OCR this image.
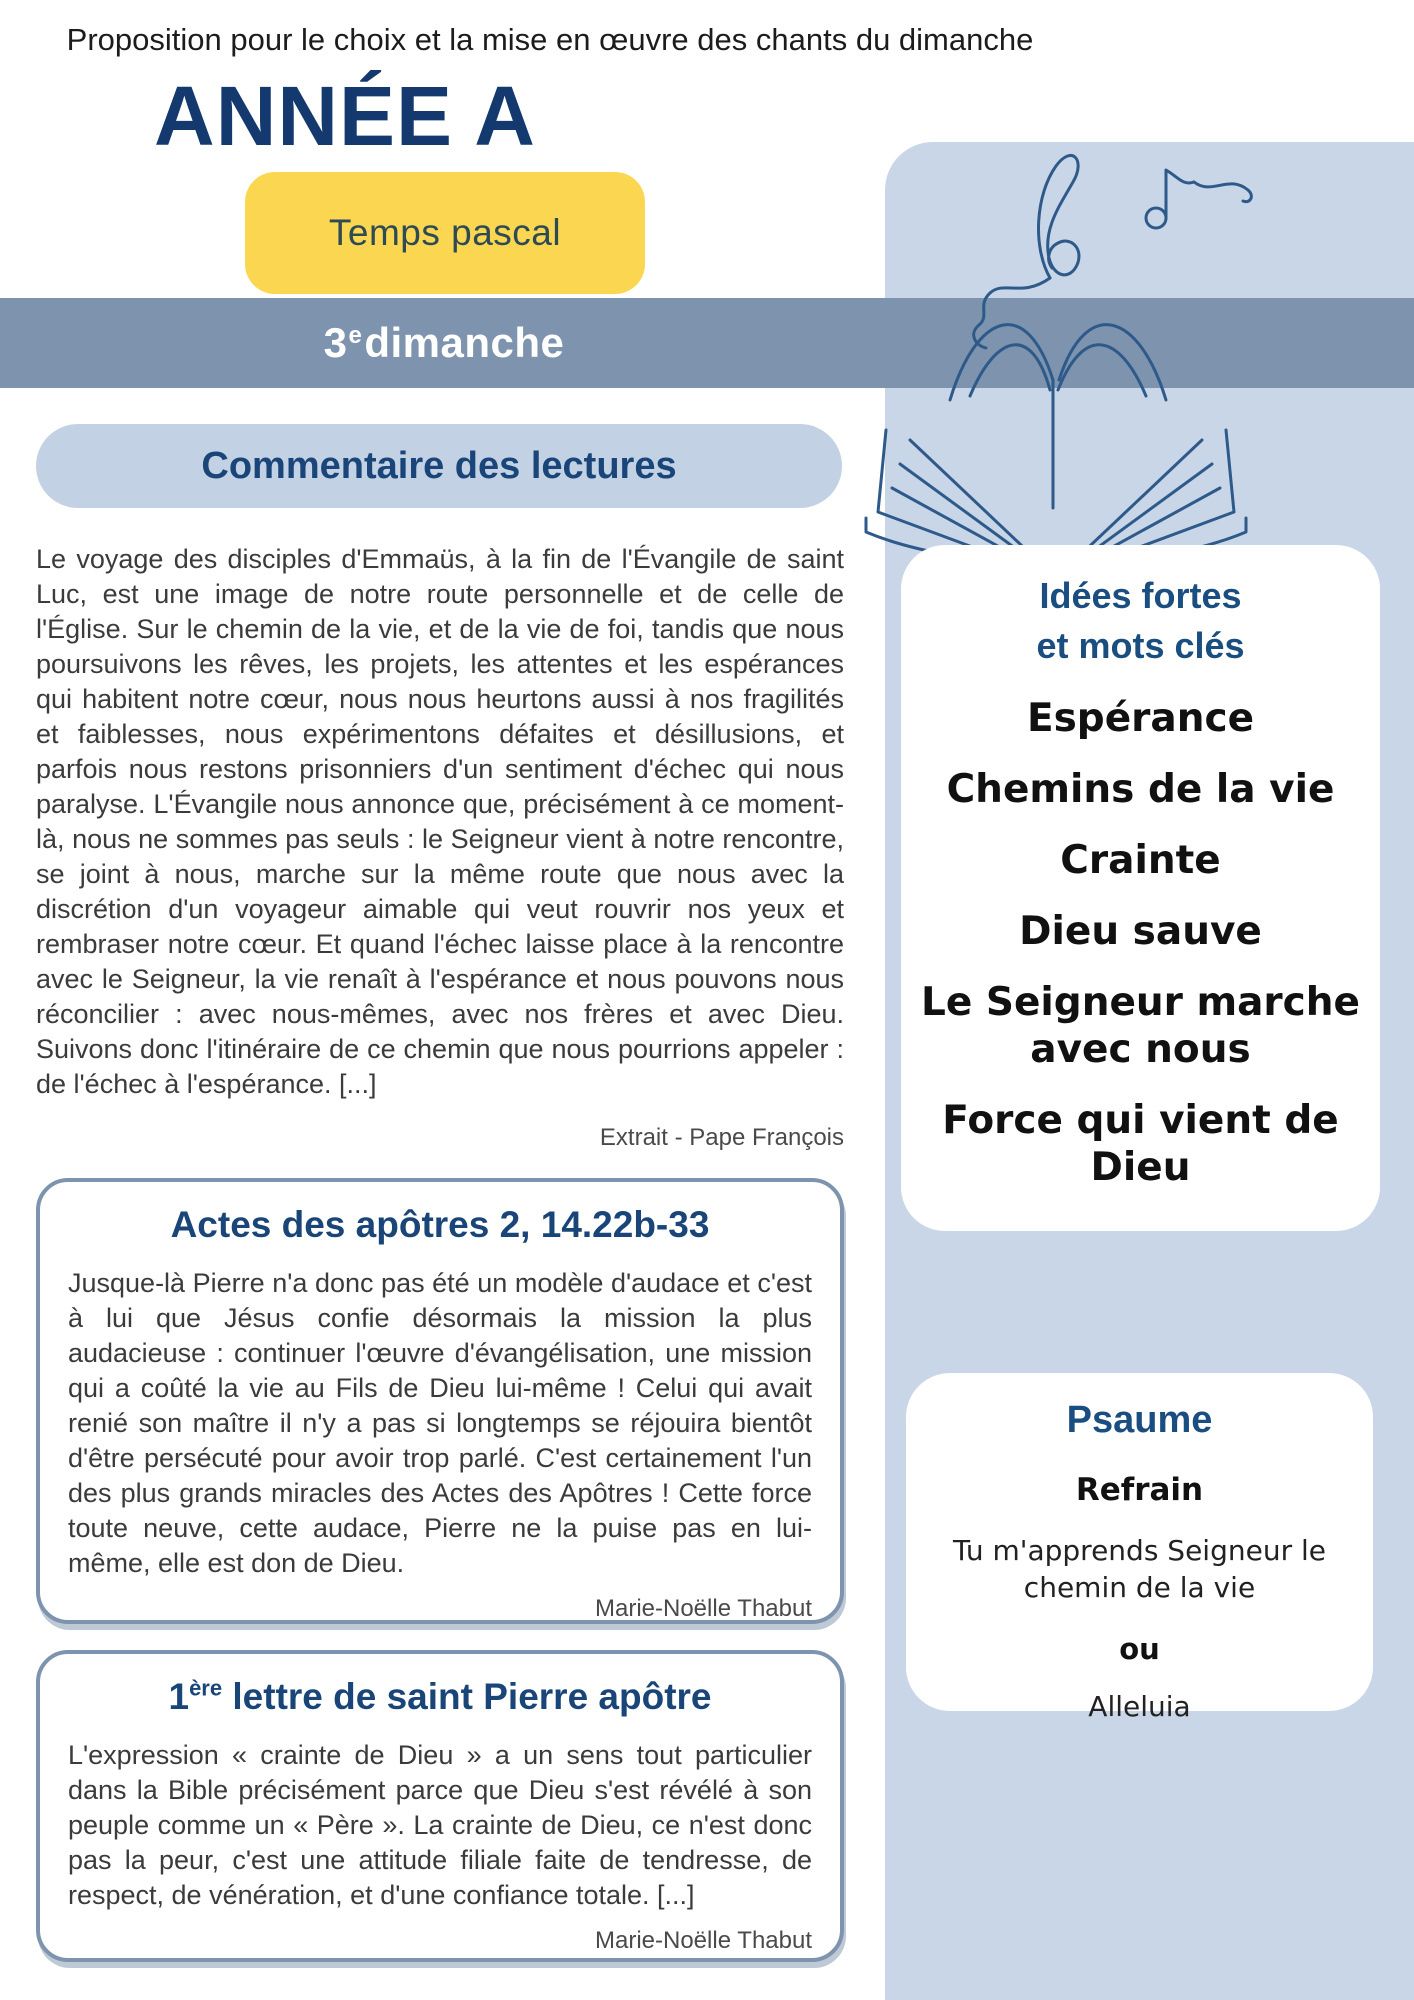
3 e dimanche
Proposition pour le choix et la mise en œuvre des chants du dimanche
ANNÉE A
Temps pascal
Commentaire des lectures
Le voyage des disciples d'Emmaüs, à la fin de l'Évangile de saint Luc, est une image de notre route personnelle et de celle de l'Église. Sur le chemin de la vie, et de la vie de foi, tandis que nous poursuivons les rêves, les projets, les attentes et les espérances qui habitent notre cœur, nous nous heurtons aussi à nos fragilités et faiblesses, nous expérimentons défaites et désillusions, et parfois nous restons prisonniers d'un sentiment d'échec qui nous paralyse. L'Évangile nous annonce que, précisément à ce moment-là, nous ne sommes pas seuls : le Seigneur vient à notre rencontre, se joint à nous, marche sur la même route que nous avec la discrétion d'un voyageur aimable qui veut rouvrir nos yeux et rembraser notre cœur. Et quand l'échec laisse place à la rencontre avec le Seigneur, la vie renaît à l'espérance et nous pouvons nous réconcilier : avec nous-mêmes, avec nos frères et avec Dieu. Suivons donc l'itinéraire de ce chemin que nous pourrions appeler : de l'échec à l'espérance. [...]
Extrait - Pape François
Actes des apôtres 2, 14.22b-33
Jusque-là Pierre n'a donc pas été un modèle d'audace et c'est à lui que Jésus confie désormais la mission la plus audacieuse : continuer l'œuvre d'évangélisation, une mission qui a coûté la vie au Fils de Dieu lui-même ! Celui qui avait renié son maître il n'y a pas si longtemps se réjouira bientôt d'être persécuté pour avoir trop parlé. C'est certainement l'un des plus grands miracles des Actes des Apôtres ! Cette force toute neuve, cette audace, Pierre ne la puise pas en lui-même, elle est don de Dieu.
Marie-Noëlle Thabut
1ère lettre de saint Pierre apôtre
L'expression « crainte de Dieu » a un sens tout particulier dans la Bible précisément parce que Dieu s'est révélé à son peuple comme un « Père ». La crainte de Dieu, ce n'est donc pas la peur, c'est une attitude filiale faite de tendresse, de respect, de vénération, et d'une confiance totale. [...]
Marie-Noëlle Thabut
Idées fortes
et mots clés
Espérance
Chemins de la vie
Crainte
Dieu sauve
Le Seigneur marche avec nous
Force qui vient de Dieu
Psaume
Refrain
Tu m'apprends Seigneur le chemin de la vie
ou
Alleluia
